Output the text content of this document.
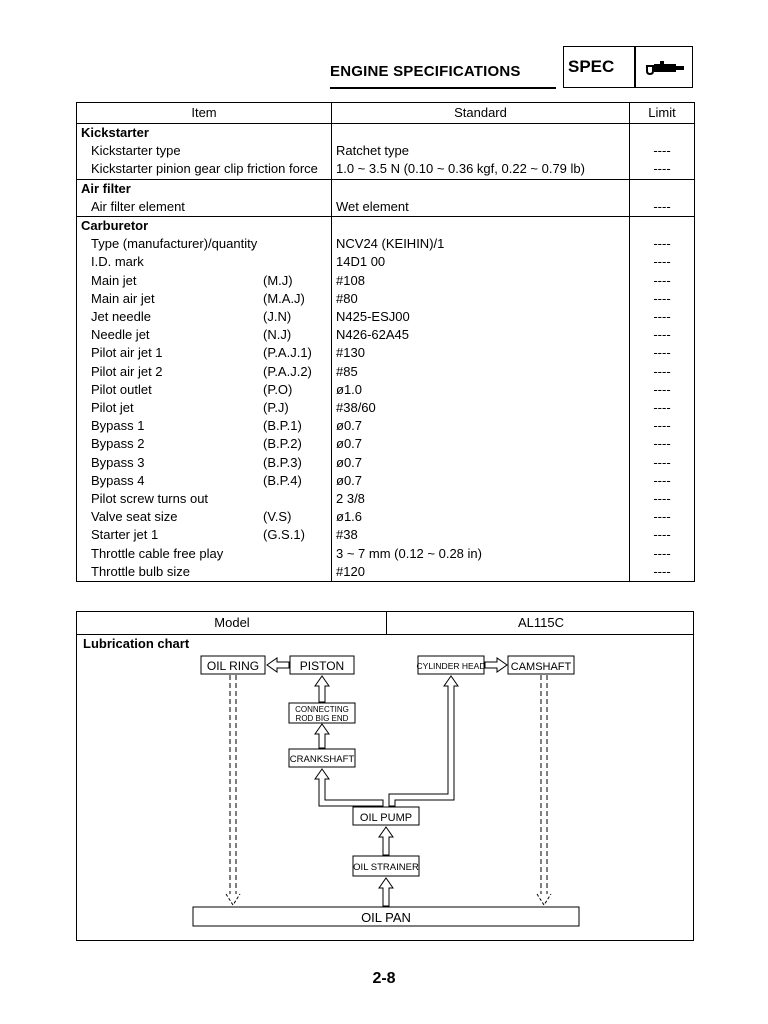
ENGINE SPECIFICATIONS	SPEC
Item	Standard	Limit
Kickstarter		
Kickstarter type	Ratchet type	----
Kickstarter pinion gear clip friction force	1.0 ~ 3.5 N (0.10 ~ 0.36 kgf, 0.22 ~ 0.79 lb)	----
Air filter		
Air filter element	Wet element	----
Carburetor		
Type (manufacturer)/quantity	NCV24 (KEIHIN)/1	----
I.D. mark	14D1 00	----

Main jet (M.J)	#108	----

Main air jet (M.A.J)	#80	----

Jet needle (J.N)	N425-ESJ00	----

Needle jet (N.J)	N426-62A45	----

Pilot air jet 1 (P.A.J.1)	#130	----

Pilot air jet 2 (P.A.J.2)	#85	----

Pilot outlet (P.O)	ø1.0	----

Pilot jet (P.J)	#38/60	----

Bypass 1 (B.P.1)	ø0.7	----

Bypass 2 (B.P.2)	ø0.7	----

Bypass 3 (B.P.3)	ø0.7	----

Bypass 4 (B.P.4)	ø0.7	----
Pilot screw turns out	2 3/8	----

Valve seat size (V.S)	ø1.6	----

Starter jet 1 (G.S.1)	#38	----
Throttle cable free play	3 ~ 7 mm (0.12 ~ 0.28 in)	----
Throttle bulb size	#120	----
Model	AL115C
Lubrication chart
OIL RING	PISTON
CONNECTING
ROD BIG END
CRANKSHAFT
CYLINDER HEAD CAMSHAFT
OIL PUMP
OIL STRAINER
OIL PAN
2-8
